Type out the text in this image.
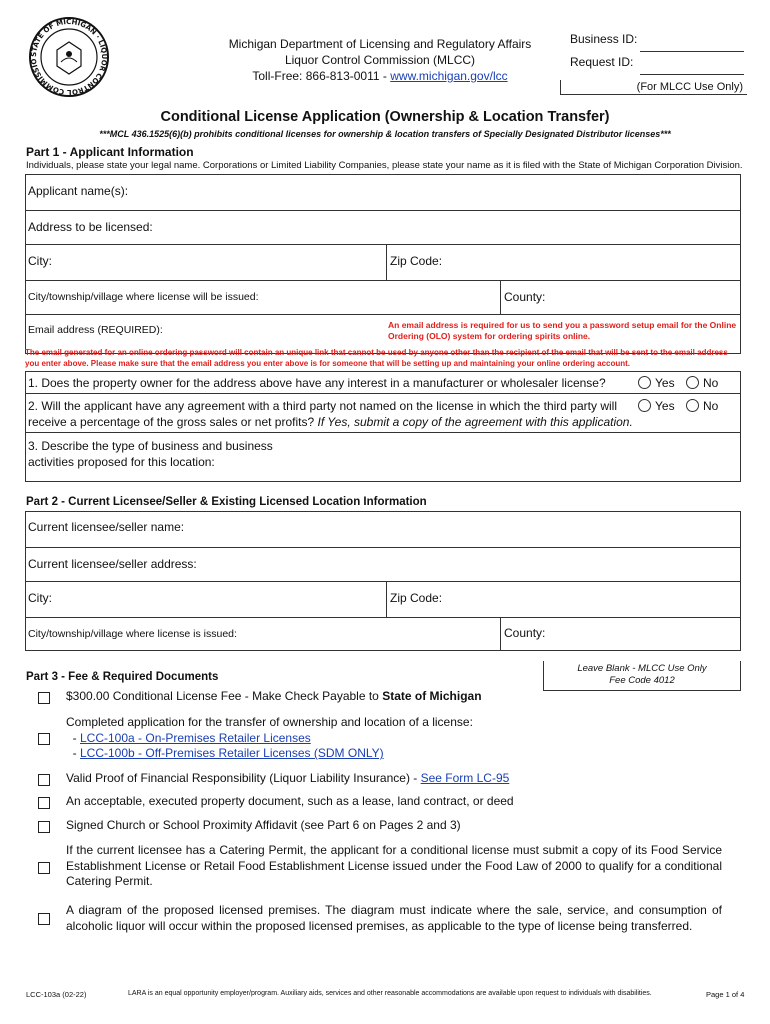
STATE OF MICHIGAN · LIQUOR CONTROL COMMISSIO
Michigan Department of Licensing and Regulatory Affairs
Liquor Control Commission (MLCC)
Toll-Free: 866-813-0011 - www.michigan.gov/lcc
Business ID:
Request ID:
(For MLCC Use Only)
Conditional License Application (Ownership & Location Transfer)
***MCL 436.1525(6)(b) prohibits conditional licenses for ownership & location transfers of Specially Designated Distributor licenses***
Part 1 - Applicant Information
Individuals, please state your legal name. Corporations or Limited Liability Companies, please state your name as it is filed with the State of Michigan Corporation Division.
Applicant name(s):
Address to be licensed:
City:	Zip Code:
City/township/village where license will be issued:	County:
Email address (REQUIRED):	An email address is required for us to send you a password setup email for the Online Ordering (OLO) system for ordering spirits online.
The email generated for an online ordering password will contain an unique link that cannot be used by anyone other than the recipient of the email that will be sent to the email address you enter above. Please make sure that the email address you enter above is for someone that will be setting up and maintaining your online ordering account.
1. Does the property owner for the address above have any interest in a manufacturer or wholesaler license?	Yes	No
2. Will the applicant have any agreement with a third party not named on the license in which the third party will
receive a percentage of the gross sales or net profits? If Yes, submit a copy of the agreement with this application.
Yes	No
3. Describe the type of business and business
activities proposed for this location:
Part 2 - Current Licensee/Seller & Existing Licensed Location Information
Current licensee/seller name:
Current licensee/seller address:
City:	Zip Code:
City/township/village where license is issued:	County:
Leave Blank - MLCC Use Only
Fee Code 4012
Part 3 - Fee & Required Documents
$300.00 Conditional License Fee - Make Check Payable to State of Michigan
Completed application for the transfer of ownership and location of a license:
- LCC-100a - On-Premises Retailer Licenses
- LCC-100b - Off-Premises Retailer Licenses (SDM ONLY)
Valid Proof of Financial Responsibility (Liquor Liability Insurance) - See Form LC-95
An acceptable, executed property document, such as a lease, land contract, or deed
Signed Church or School Proximity Affidavit (see Part 6 on Pages 2 and 3)
If the current licensee has a Catering Permit, the applicant for a conditional license must submit a copy of its Food Service Establishment License or Retail Food Establishment License issued under the Food Law of 2000 to qualify for a conditional Catering Permit.
A diagram of the proposed licensed premises. The diagram must indicate where the sale, service, and consumption of alcoholic liquor will occur within the proposed licensed premises, as applicable to the type of license being transferred.
LCC-103a (02-22)	LARA is an equal opportunity employer/program. Auxiliary aids, services and other reasonable accommodations are available upon request to individuals with disabilities.	Page 1 of 4
